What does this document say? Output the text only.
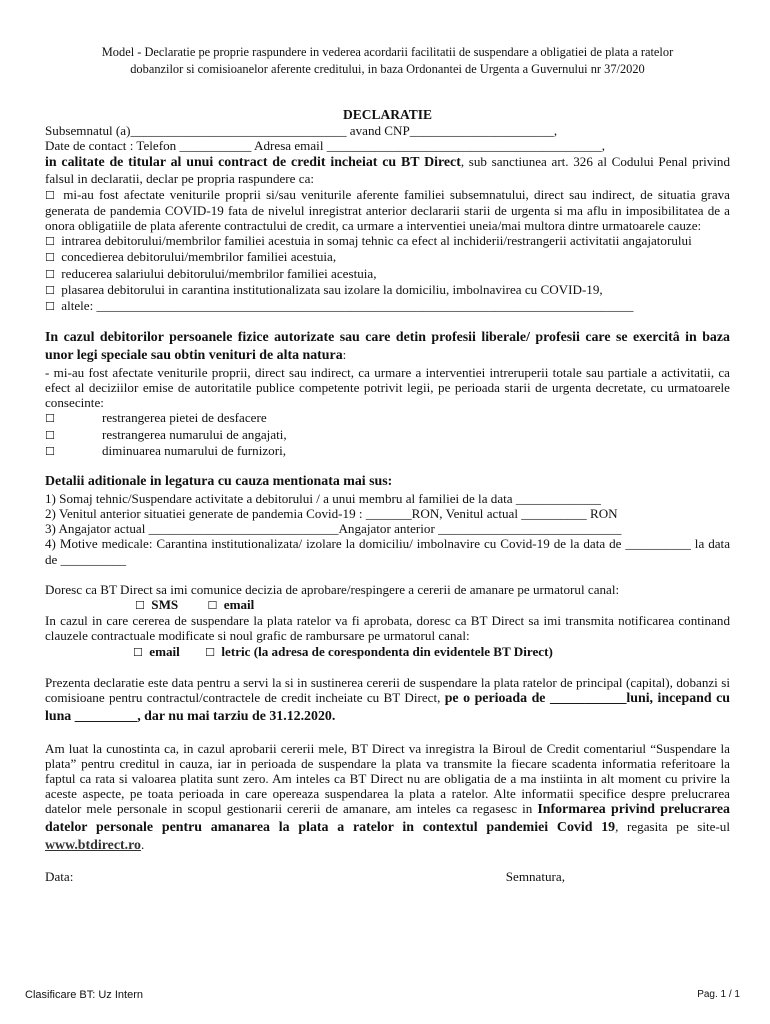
Model - Declaratie pe proprie raspundere in vederea acordarii facilitatii de suspendare a obligatiei de plata a ratelor
dobanzilor si comisioanelor aferente creditului, in baza Ordonantei de Urgenta a Guvernului nr 37/2020
DECLARATIE
Subsemnatul (a)_________________________________ avand CNP______________________,
Date de contact : Telefon ___________ Adresa email __________________________________________,
in calitate de titular al unui contract de credit incheiat cu BT Direct, sub sanctiunea art. 326 al Codului Penal privind falsul in declaratii, declar pe propria raspundere ca:
☐ mi-au fost afectate veniturile proprii si/sau veniturile aferente familiei subsemnatului, direct sau indirect, de situatia grava generata de pandemia COVID-19 fata de nivelul inregistrat anterior declararii starii de urgenta si ma aflu in imposibilitatea de a onora obligatiile de plata aferente contractului de credit, ca urmare a interventiei uneia/mai multora dintre urmatoarele cauze:
☐ intrarea debitorului/membrilor familiei acestuia in somaj tehnic ca efect al inchiderii/restrangerii activitatii angajatorului
☐ concedierea debitorului/membrilor familiei acestuia,
☐ reducerea salariului debitorului/membrilor familiei acestuia,
☐ plasarea debitorului in carantina institutionalizata sau izolare la domiciliu, imbolnavirea cu COVID-19,
☐ altele: __________________________________________________________________________________
In cazul debitorilor persoanele fizice autorizate sau care detin profesii liberale/ profesii care se exercitâ in baza unor legi speciale sau obtin venituri de alta natura:
- mi-au fost afectate veniturile proprii, direct sau indirect, ca urmare a interventiei intreruperii totale sau partiale a activitatii, ca efect al deciziilor emise de autoritatile publice competente potrivit legii, pe perioada starii de urgenta decretate, cu urmatoarele consecinte:
☐	restrangerea pietei de desfacere
☐	restrangerea numarului de angajati,
☐	diminuarea numarului de furnizori,
Detalii aditionale in legatura cu cauza mentionata mai sus:
1) Somaj tehnic/Suspendare activitate a debitorului / a unui membru al familiei de la data _____________
2) Venitul anterior situatiei generate de pandemia Covid-19 : _______RON, Venitul actual __________ RON
3) Angajator actual _____________________________Angajator anterior ____________________________
4) Motive medicale: Carantina institutionalizata/ izolare la domiciliu/ imbolnavire cu Covid-19 de la data de __________ la data de __________
Doresc ca BT Direct sa imi comunice decizia de aprobare/respingere a cererii de amanare pe urmatorul canal:
☐ SMS	☐ email
In cazul in care cererea de suspendare la plata ratelor va fi aprobata, doresc ca BT Direct sa imi transmita notificarea continand clauzele contractuale modificate si noul grafic de rambursare pe urmatorul canal:
☐ email ☐ letric (la adresa de corespondenta din evidentele BT Direct)
Prezenta declaratie este data pentru a servi la si in sustinerea cererii de suspendare la plata ratelor de principal (capital), dobanzi si comisioane pentru contractul/contractele de credit incheiate cu BT Direct, pe o perioada de ___________luni, incepand cu luna _________, dar nu mai tarziu de 31.12.2020.
Am luat la cunostinta ca, in cazul aprobarii cererii mele, BT Direct va inregistra la Biroul de Credit comentariul “Suspendare la plata” pentru creditul in cauza, iar in perioada de suspendare la plata va transmite la fiecare scadenta informatia referitoare la faptul ca rata si valoarea platita sunt zero. Am inteles ca BT Direct nu are obligatia de a ma instiinta in alt moment cu privire la aceste aspecte, pe toata perioada in care opereaza suspendarea la plata a ratelor. Alte informatii specifice despre prelucrarea datelor mele personale in scopul gestionarii cererii de amanare, am inteles ca regasesc in Informarea privind prelucrarea datelor personale pentru amanarea la plata a ratelor in contextul pandemiei Covid 19, regasita pe site-ul www.btdirect.ro.
Data:	Semnatura,
Clasificare BT: Uz Intern	Pag. 1 / 1
